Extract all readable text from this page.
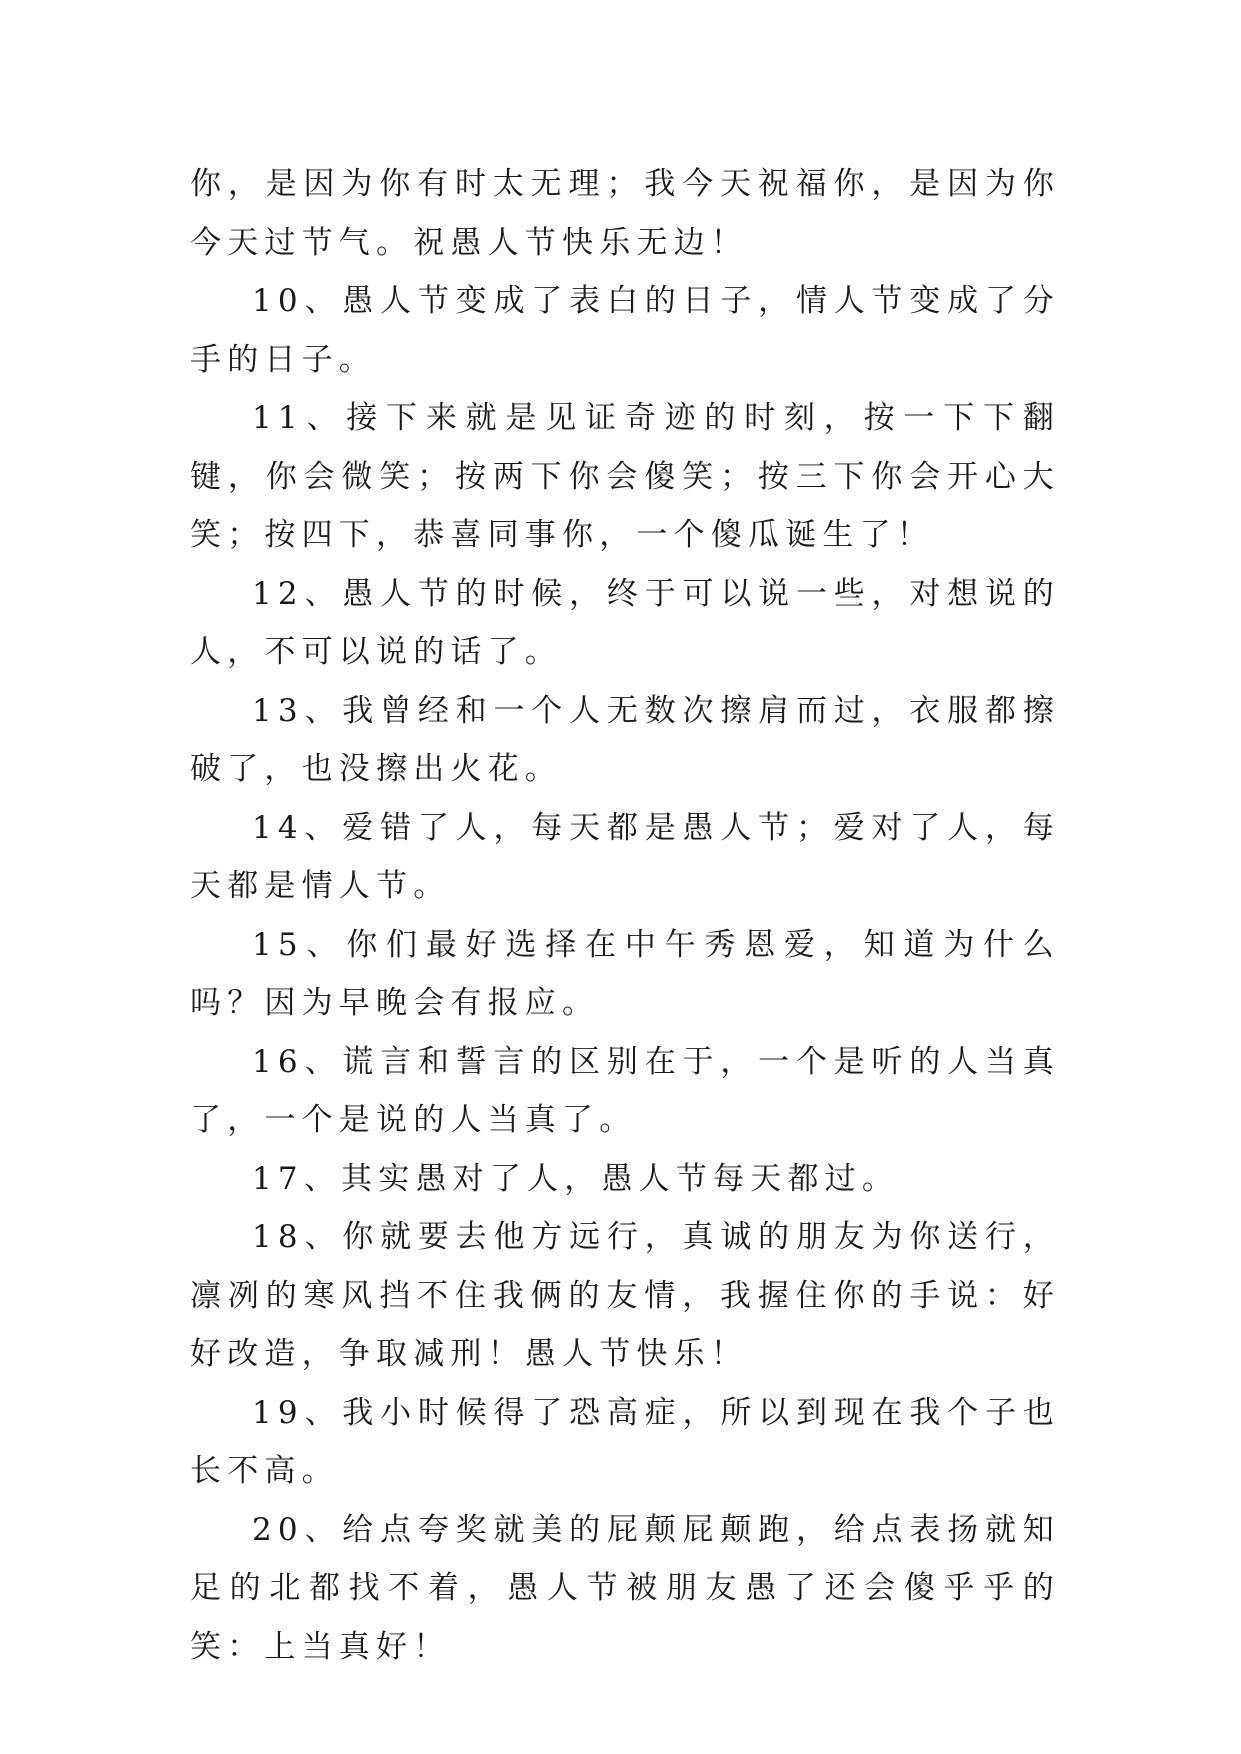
你，是因为你有时太无理；我今天祝福你，是因为你今天过节气。祝愚人节快乐无边！

10、愚人节变成了表白的日子，情人节变成了分手的日子。

11、接下来就是见证奇迹的时刻，按一下下翻键，你会微笑；按两下你会傻笑；按三下你会开心大笑；按四下，恭喜同事你，一个傻瓜诞生了！

12、愚人节的时候，终于可以说一些，对想说的人，不可以说的话了。

13、我曾经和一个人无数次擦肩而过，衣服都擦破了，也没擦出火花。

14、爱错了人，每天都是愚人节；爱对了人，每天都是情人节。

15、你们最好选择在中午秀恩爱，知道为什么吗？因为早晚会有报应。

16、谎言和誓言的区别在于，一个是听的人当真了，一个是说的人当真了。

17、其实愚对了人，愚人节每天都过。

18、你就要去他方远行，真诚的朋友为你送行，凛冽的寒风挡不住我俩的友情，我握住你的手说：好好改造，争取减刑！愚人节快乐！

19、我小时候得了恐高症，所以到现在我个子也长不高。

20、给点夸奖就美的屁颠屁颠跑，给点表扬就知足的北都找不着，愚人节被朋友愚了还会傻乎乎的笑：上当真好！
